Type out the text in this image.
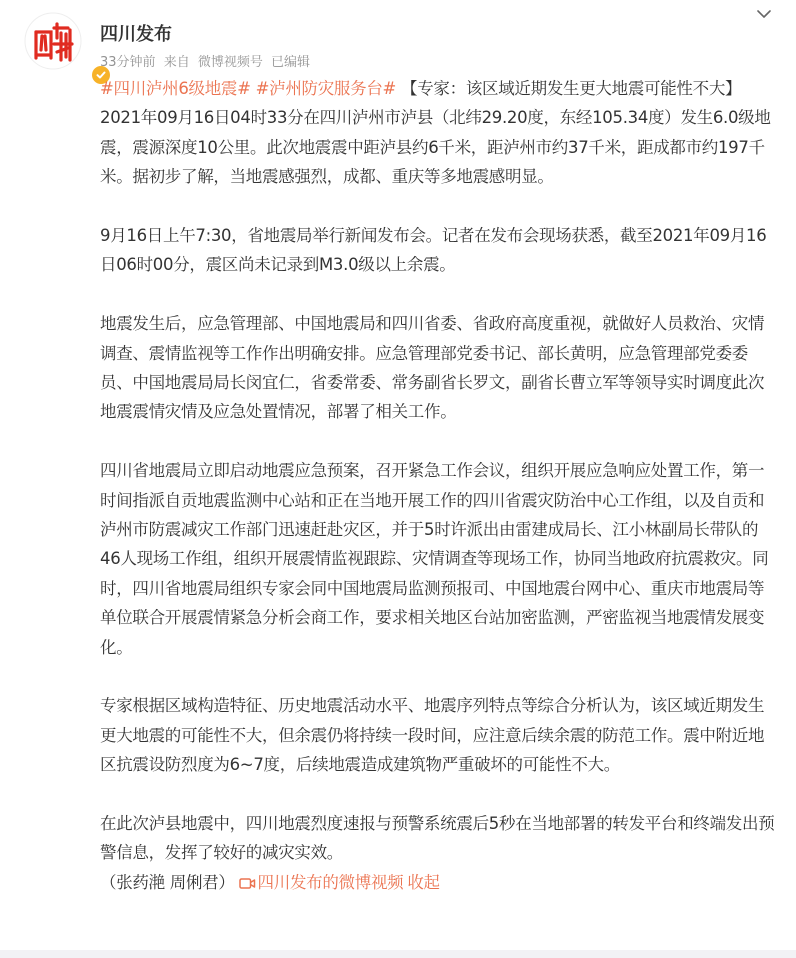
四川发布
33分钟前 来自 微博视频号 已编辑

#四川泸州6级地震# #泸州防灾服务台# 【专家：该区域近期发生更大地震可能性不大】2021年09月16日04时33分在四川泸州市泸县（北纬29.20度，东经105.34度）发生6.0级地震，震源深度10公里。此次地震震中距泸县约6千米，距泸州市约37千米，距成都市约197千米。据初步了解，当地震感强烈，成都、重庆等多地震感明显。

9月16日上午7:30，省地震局举行新闻发布会。记者在发布会现场获悉，截至2021年09月16日06时00分，震区尚未记录到M3.0级以上余震。

地震发生后，应急管理部、中国地震局和四川省委、省政府高度重视，就做好人员救治、灾情调查、震情监视等工作作出明确安排。应急管理部党委书记、部长黄明，应急管理部党委委员、中国地震局局长闵宜仁，省委常委、常务副省长罗文，副省长曹立军等领导实时调度此次地震震情灾情及应急处置情况，部署了相关工作。

四川省地震局立即启动地震应急预案，召开紧急工作会议，组织开展应急响应处置工作，第一时间指派自贡地震监测中心站和正在当地开展工作的四川省震灾防治中心工作组，以及自贡和泸州市防震减灾工作部门迅速赶赴灾区，并于5时许派出由雷建成局长、江小林副局长带队的46人现场工作组，组织开展震情监视跟踪、灾情调查等现场工作，协同当地政府抗震救灾。同时，四川省地震局组织专家会同中国地震局监测预报司、中国地震台网中心、重庆市地震局等单位联合开展震情紧急分析会商工作，要求相关地区台站加密监测，严密监视当地震情发展变化。

专家根据区域构造特征、历史地震活动水平、地震序列特点等综合分析认为，该区域近期发生更大地震的可能性不大，但余震仍将持续一段时间，应注意后续余震的防范工作。震中附近地区抗震设防烈度为6~7度，后续地震造成建筑物严重破坏的可能性不大。

在此次泸县地震中，四川地震烈度速报与预警系统震后5秒在当地部署的转发平台和终端发出预警信息，发挥了较好的减灾实效。
（张药滟 周俐君） 四川发布的微博视频 收起
